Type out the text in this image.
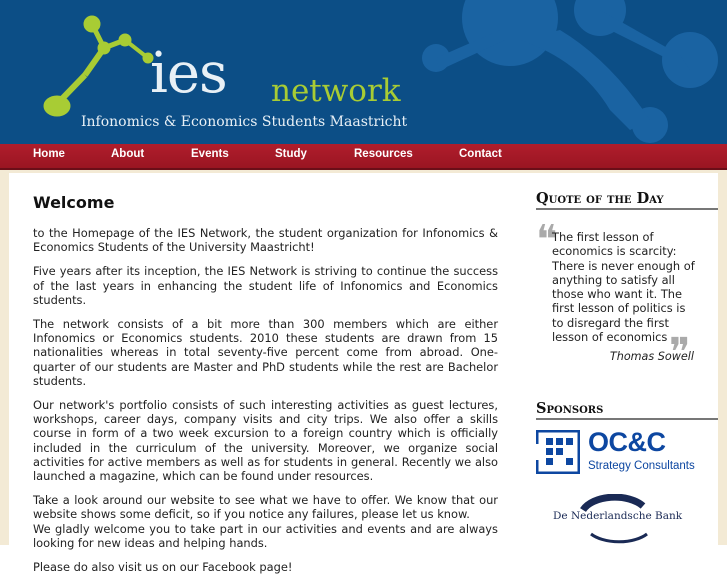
ies network
Infonomics & Economics Students Maastricht
Home	About	Events	Study	Resources	Contact
Welcome

to the Homepage of the IES Network, the student organization for Infonomics & Economics Students of the University Maastricht!

Five years after its inception, the IES Network is striving to continue the success of the last years in enhancing the student life of Infonomics and Economics students.

The network consists of a bit more than 300 members which are either Infonomics or Economics students. 2010 these students are drawn from 15 nationalities whereas in total seventy-five percent come from abroad. One-quarter of our students are Master and PhD students while the rest are Bachelor students.

Our network's portfolio consists of such interesting activities as guest lectures, workshops, career days, company visits and city trips. We also offer a skills course in form of a two week excursion to a foreign country which is officially included in the curriculum of the university. Moreover, we organize social activities for active members as well as for students in general. Recently we also launched a magazine, which can be found under resources.

Take a look around our website to see what we have to offer. We know that our website shows some deficit, so if you notice any failures, please let us know.

We gladly welcome you to take part in our activities and events and are always looking for new ideas and helping hands.

Please do also visit us on our Facebook page!

Quote of the Day
❝
The first lesson of economics is scarcity: There is never enough of anything to satisfy all those who want it. The first lesson of politics is to disregard the first lesson of economics ❞
Thomas Sowell
Sponsors
OC&C
Strategy Consultants
De Nederlandsche Bank
